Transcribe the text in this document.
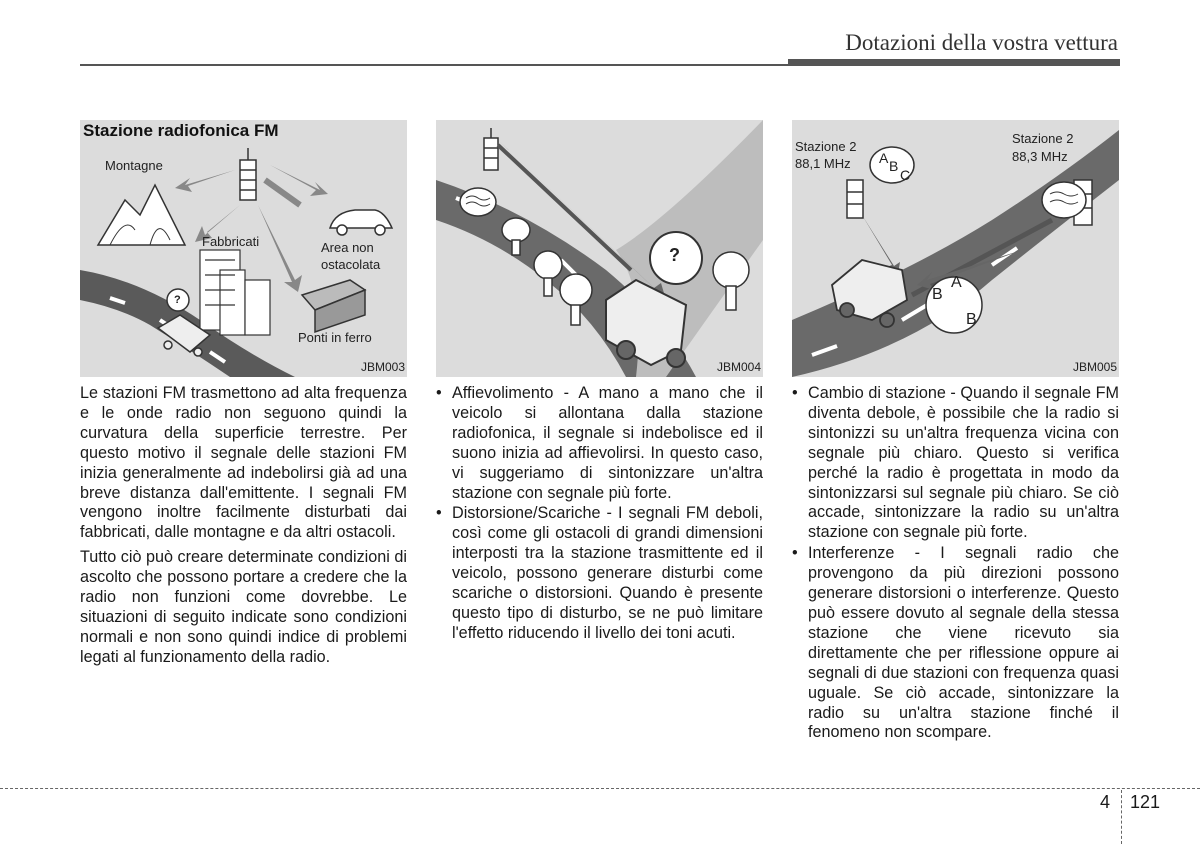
Dotazioni della vostra vettura
Stazione radiofonica FM
Montagne
Fabbricati	Area non
ostacolata
Ponti in ferro
?
JBM003
?
JBM004
Stazione 2
88,1 MHz
Stazione 2
88,3 MHz
A B
C
A
B
B
JBM005

Le stazioni FM trasmettono ad alta frequenza e le onde radio non seguono quindi la curvatura della superficie terrestre. Per questo motivo il segnale delle stazioni FM inizia generalmente ad indebolirsi già ad una breve distanza dall'emittente. I segnali FM vengono inoltre facilmente disturbati dai fabbricati, dalle montagne e da altri ostacoli.

Tutto ciò può creare determinate condizioni di ascolto che possono portare a credere che la radio non funzioni come dovrebbe. Le situazioni di seguito indicate sono condizioni normali e non sono quindi indice di problemi legati al funzionamento della radio.

• Affievolimento - A mano a mano che il veicolo si allontana dalla stazione radiofonica, il segnale si indebolisce ed il suono inizia ad affievolirsi. In questo caso, vi suggeriamo di sintonizzare un'altra stazione con segnale più forte.
• Distorsione/Scariche - I segnali FM deboli, così come gli ostacoli di grandi dimensioni interposti tra la stazione trasmittente ed il veicolo, possono generare disturbi come scariche o distorsioni. Quando è presente questo tipo di disturbo, se ne può limitare l'effetto riducendo il livello dei toni acuti.
• Cambio di stazione - Quando il segnale FM diventa debole, è possibile che la radio si sintonizzi su un'altra frequenza vicina con segnale più chiaro. Questo si verifica perché la radio è progettata in modo da sintonizzarsi sul segnale più chiaro. Se ciò accade, sintonizzare la radio su un'altra stazione con segnale più forte.
• Interferenze - I segnali radio che provengono da più direzioni possono generare distorsioni o interferenze. Questo può essere dovuto al segnale della stessa stazione che viene ricevuto sia direttamente che per riflessione oppure ai segnali di due stazioni con frequenza quasi uguale. Se ciò accade, sintonizzare la radio su un'altra stazione finché il fenomeno non scompare.
4 121
